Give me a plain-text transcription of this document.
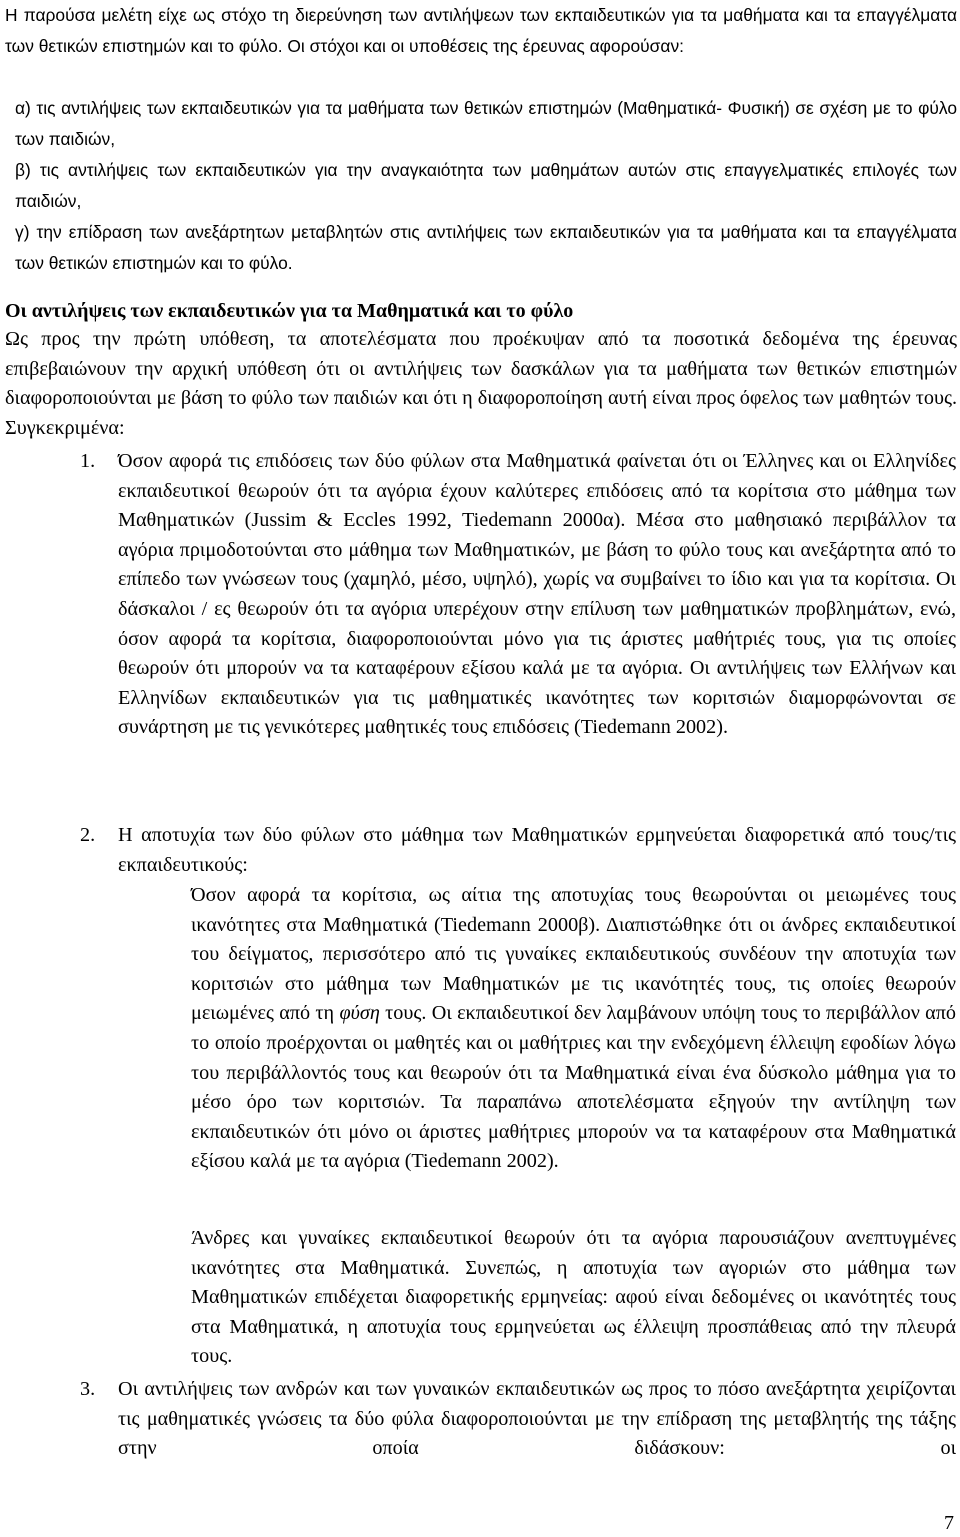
Η παρούσα μελέτη είχε ως στόχο τη διερεύνηση των αντιλήψεων των εκπαιδευτικών για τα μαθήματα και τα επαγγέλματα των θετικών επιστημών και το φύλο. Οι στόχοι και οι υποθέσεις της έρευνας αφορούσαν:

α) τις αντιλήψεις των εκπαιδευτικών για τα μαθήματα των θετικών επιστημών (Μαθηματικά- Φυσική) σε σχέση με το φύλο των παιδιών,

β) τις αντιλήψεις των εκπαιδευτικών για την αναγκαιότητα των μαθημάτων αυτών στις επαγγελματικές επιλογές των παιδιών,

γ) την επίδραση των ανεξάρτητων μεταβλητών στις αντιλήψεις των εκπαιδευτικών για τα μαθήματα και τα επαγγέλματα των θετικών επιστημών και το φύλο.

Οι αντιλήψεις των εκπαιδευτικών για τα Μαθηματικά και το φύλο
Ως προς την πρώτη υπόθεση, τα αποτελέσματα που προέκυψαν από τα ποσοτικά δεδομένα της έρευνας επιβεβαιώνουν την αρχική υπόθεση ότι οι αντιλήψεις των δασκάλων για τα μαθήματα των θετικών επιστημών διαφοροποιούνται με βάση το φύλο των παιδιών και ότι η διαφοροποίηση αυτή είναι προς όφελος των μαθητών τους. Συγκεκριμένα:
1. Όσον αφορά τις επιδόσεις των δύο φύλων στα Μαθηματικά φαίνεται ότι οι Έλληνες και οι Ελληνίδες εκπαιδευτικοί θεωρούν ότι τα αγόρια έχουν καλύτερες επιδόσεις από τα κορίτσια στο μάθημα των Μαθηματικών (Jussim & Eccles 1992, Tiedemann 2000α). Μέσα στο μαθησιακό περιβάλλον τα αγόρια πριμοδοτούνται στο μάθημα των Μαθηματικών, με βάση το φύλο τους και ανεξάρτητα από το επίπεδο των γνώσεων τους (χαμηλό, μέσο, υψηλό), χωρίς να συμβαίνει το ίδιο και για τα κορίτσια. Οι δάσκαλοι / ες θεωρούν ότι τα αγόρια υπερέχουν στην επίλυση των μαθηματικών προβλημάτων, ενώ, όσον αφορά τα κορίτσια, διαφοροποιούνται μόνο για τις άριστες μαθήτριές τους, για τις οποίες θεωρούν ότι μπορούν να τα καταφέρουν εξίσου καλά με τα αγόρια. Οι αντιλήψεις των Ελλήνων και Ελληνίδων εκπαιδευτικών για τις μαθηματικές ικανότητες των κοριτσιών διαμορφώνονται σε συνάρτηση με τις γενικότερες μαθητικές τους επιδόσεις (Tiedemann 2002).
2. Η αποτυχία των δύο φύλων στο μάθημα των Μαθηματικών ερμηνεύεται διαφορετικά από τους/τις εκπαιδευτικούς:
Όσον αφορά τα κορίτσια, ως αίτια της αποτυχίας τους θεωρούνται οι μειωμένες τους ικανότητες στα Μαθηματικά (Tiedemann 2000β). Διαπιστώθηκε ότι οι άνδρες εκπαιδευτικοί του δείγματος, περισσότερο από τις γυναίκες εκπαιδευτικούς συνδέουν την αποτυχία των κοριτσιών στο μάθημα των Μαθηματικών με τις ικανότητές τους, τις οποίες θεωρούν μειωμένες από τη φύση τους. Οι εκπαιδευτικοί δεν λαμβάνουν υπόψη τους το περιβάλλον από το οποίο προέρχονται οι μαθητές και οι μαθήτριες και την ενδεχόμενη έλλειψη εφοδίων λόγω του περιβάλλοντός τους και θεωρούν ότι τα Μαθηματικά είναι ένα δύσκολο μάθημα για το μέσο όρο των κοριτσιών. Τα παραπάνω αποτελέσματα εξηγούν την αντίληψη των εκπαιδευτικών ότι μόνο οι άριστες μαθήτριες μπορούν να τα καταφέρουν στα Μαθηματικά εξίσου καλά με τα αγόρια (Tiedemann 2002).
Άνδρες και γυναίκες εκπαιδευτικοί θεωρούν ότι τα αγόρια παρουσιάζουν ανεπτυγμένες ικανότητες στα Μαθηματικά. Συνεπώς, η αποτυχία των αγοριών στο μάθημα των Μαθηματικών επιδέχεται διαφορετικής ερμηνείας: αφού είναι δεδομένες οι ικανότητές τους στα Μαθηματικά, η αποτυχία τους ερμηνεύεται ως έλλειψη προσπάθειας από την πλευρά τους.
3. Οι αντιλήψεις των ανδρών και των γυναικών εκπαιδευτικών ως προς το πόσο ανεξάρτητα χειρίζονται τις μαθηματικές γνώσεις τα δύο φύλα διαφοροποιούνται με την επίδραση της μεταβλητής της τάξης στην οποία διδάσκουν: οι
7
